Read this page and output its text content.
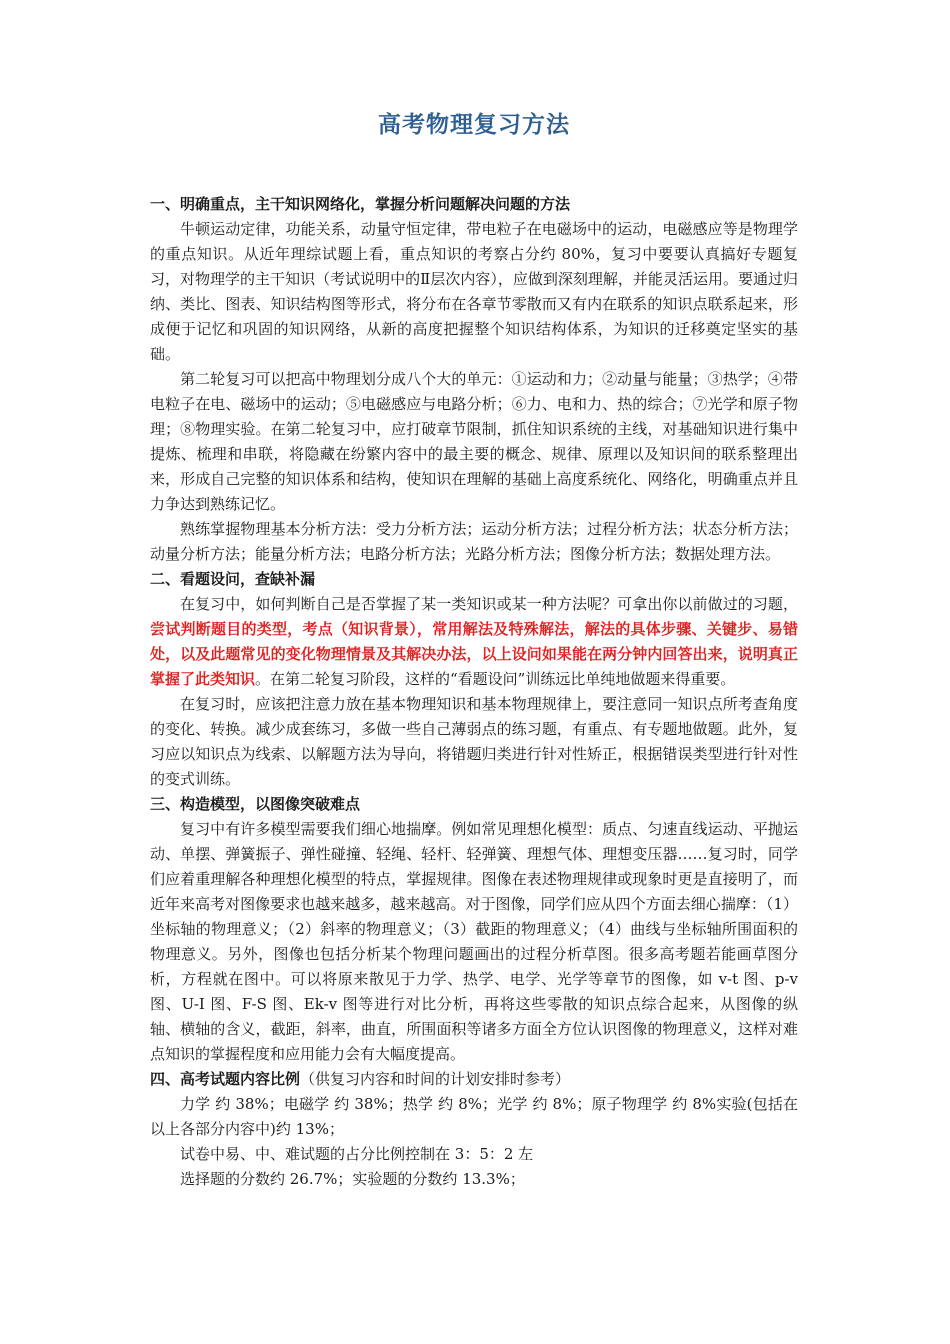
高考物理复习方法

一、明确重点，主干知识网络化，掌握分析问题解决问题的方法

牛顿运动定律，功能关系，动量守恒定律，带电粒子在电磁场中的运动，电磁感应等是物理学的重点知识。从近年理综试题上看，重点知识的考察占分约 80%，复习中要要认真搞好专题复习，对物理学的主干知识（考试说明中的Ⅱ层次内容），应做到深刻理解，并能灵活运用。要通过归纳、类比、图表、知识结构图等形式，将分布在各章节零散而又有内在联系的知识点联系起来，形成便于记忆和巩固的知识网络，从新的高度把握整个知识结构体系，为知识的迁移奠定坚实的基础。

第二轮复习可以把高中物理划分成八个大的单元：①运动和力；②动量与能量；③热学；④带电粒子在电、磁场中的运动；⑤电磁感应与电路分析；⑥力、电和力、热的综合；⑦光学和原子物理；⑧物理实验。在第二轮复习中，应打破章节限制，抓住知识系统的主线，对基础知识进行集中提炼、梳理和串联，将隐藏在纷繁内容中的最主要的概念、规律、原理以及知识间的联系整理出来，形成自己完整的知识体系和结构，使知识在理解的基础上高度系统化、网络化，明确重点并且力争达到熟练记忆。

熟练掌握物理基本分析方法：受力分析方法；运动分析方法；过程分析方法；状态分析方法；动量分析方法；能量分析方法；电路分析方法；光路分析方法；图像分析方法；数据处理方法。

二、看题设问，查缺补漏

在复习中，如何判断自己是否掌握了某一类知识或某一种方法呢？可拿出你以前做过的习题，尝试判断题目的类型，考点（知识背景），常用解法及特殊解法，解法的具体步骤、关键步、易错处，以及此题常见的变化物理情景及其解决办法，以上设问如果能在两分钟内回答出来，说明真正掌握了此类知识。在第二轮复习阶段，这样的“看题设问”训练远比单纯地做题来得重要。

在复习时，应该把注意力放在基本物理知识和基本物理规律上，要注意同一知识点所考查角度的变化、转换。减少成套练习，多做一些自己薄弱点的练习题，有重点、有专题地做题。此外，复习应以知识点为线索、以解题方法为导向，将错题归类进行针对性矫正，根据错误类型进行针对性的变式训练。

三、构造模型，以图像突破难点

复习中有许多模型需要我们细心地揣摩。例如常见理想化模型：质点、匀速直线运动、平抛运动、单摆、弹簧振子、弹性碰撞、轻绳、轻杆、轻弹簧、理想气体、理想变压器……复习时，同学们应着重理解各种理想化模型的特点，掌握规律。图像在表述物理规律或现象时更是直接明了，而近年来高考对图像要求也越来越多，越来越高。对于图像，同学们应从四个方面去细心揣摩：（1）坐标轴的物理意义；（2）斜率的物理意义；（3）截距的物理意义；（4）曲线与坐标轴所围面积的物理意义。另外，图像也包括分析某个物理问题画出的过程分析草图。很多高考题若能画草图分析，方程就在图中。可以将原来散见于力学、热学、电学、光学等章节的图像，如 v-t 图、p-v 图、U-I 图、F-S 图、Ek-v 图等进行对比分析，再将这些零散的知识点综合起来，从图像的纵轴、横轴的含义，截距，斜率，曲直，所围面积等诸多方面全方位认识图像的物理意义，这样对难点知识的掌握程度和应用能力会有大幅度提高。

四、高考试题内容比例（供复习内容和时间的计划安排时参考）

力学 约 38%；电磁学 约 38%；热学 约 8%；光学 约 8%；原子物理学 约 8%实验(包括在以上各部分内容中)约 13%；

试卷中易、中、难试题的占分比例控制在 3：5：2 左

选择题的分数约 26.7%；实验题的分数约 13.3%；
